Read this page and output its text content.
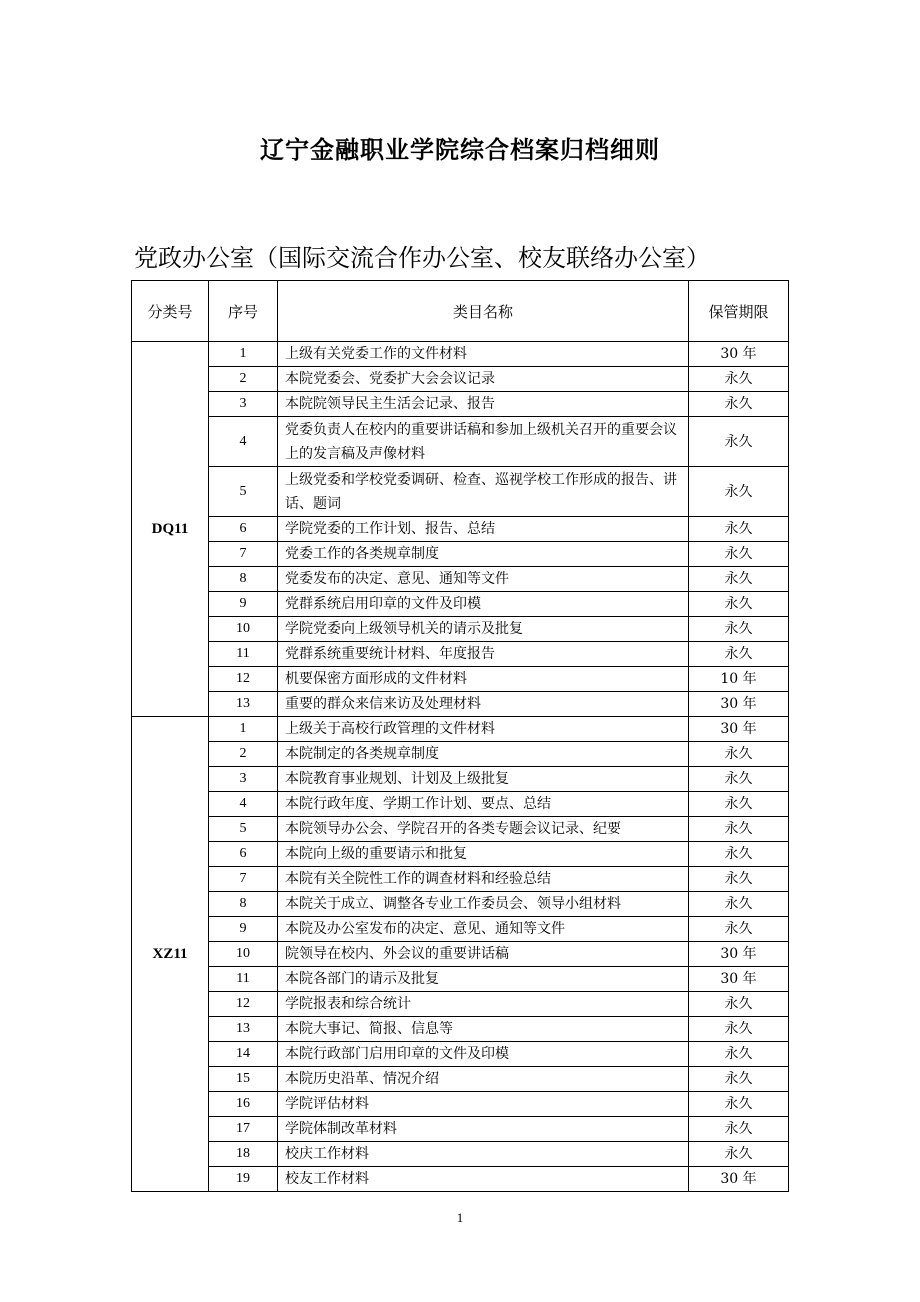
辽宁金融职业学院综合档案归档细则
党政办公室（国际交流合作办公室、校友联络办公室）
分类号	序号	类目名称	保管期限
DQ11	1	上级有关党委工作的文件材料	30 年
	2	本院党委会、党委扩大会会议记录	永久
	3	本院院领导民主生活会记录、报告	永久
	4	党委负责人在校内的重要讲话稿和参加上级机关召开的重要会议上的发言稿及声像材料	永久
	5	上级党委和学校党委调研、检查、巡视学校工作形成的报告、讲话、题词	永久
	6	学院党委的工作计划、报告、总结	永久
	7	党委工作的各类规章制度	永久
	8	党委发布的决定、意见、通知等文件	永久
	9	党群系统启用印章的文件及印模	永久
	10	学院党委向上级领导机关的请示及批复	永久
	11	党群系统重要统计材料、年度报告	永久
	12	机要保密方面形成的文件材料	10 年
	13	重要的群众来信来访及处理材料	30 年
XZ11	1	上级关于高校行政管理的文件材料	30 年
	2	本院制定的各类规章制度	永久
	3	本院教育事业规划、计划及上级批复	永久
	4	本院行政年度、学期工作计划、要点、总结	永久
	5	本院领导办公会、学院召开的各类专题会议记录、纪要	永久
	6	本院向上级的重要请示和批复	永久
	7	本院有关全院性工作的调查材料和经验总结	永久
	8	本院关于成立、调整各专业工作委员会、领导小组材料	永久
	9	本院及办公室发布的决定、意见、通知等文件	永久
	10	院领导在校内、外会议的重要讲话稿	30 年
	11	本院各部门的请示及批复	30 年
	12	学院报表和综合统计	永久
	13	本院大事记、简报、信息等	永久
	14	本院行政部门启用印章的文件及印模	永久
	15	本院历史沿革、情况介绍	永久
	16	学院评估材料	永久
	17	学院体制改革材料	永久
	18	校庆工作材料	永久
	19	校友工作材料	30 年
1
